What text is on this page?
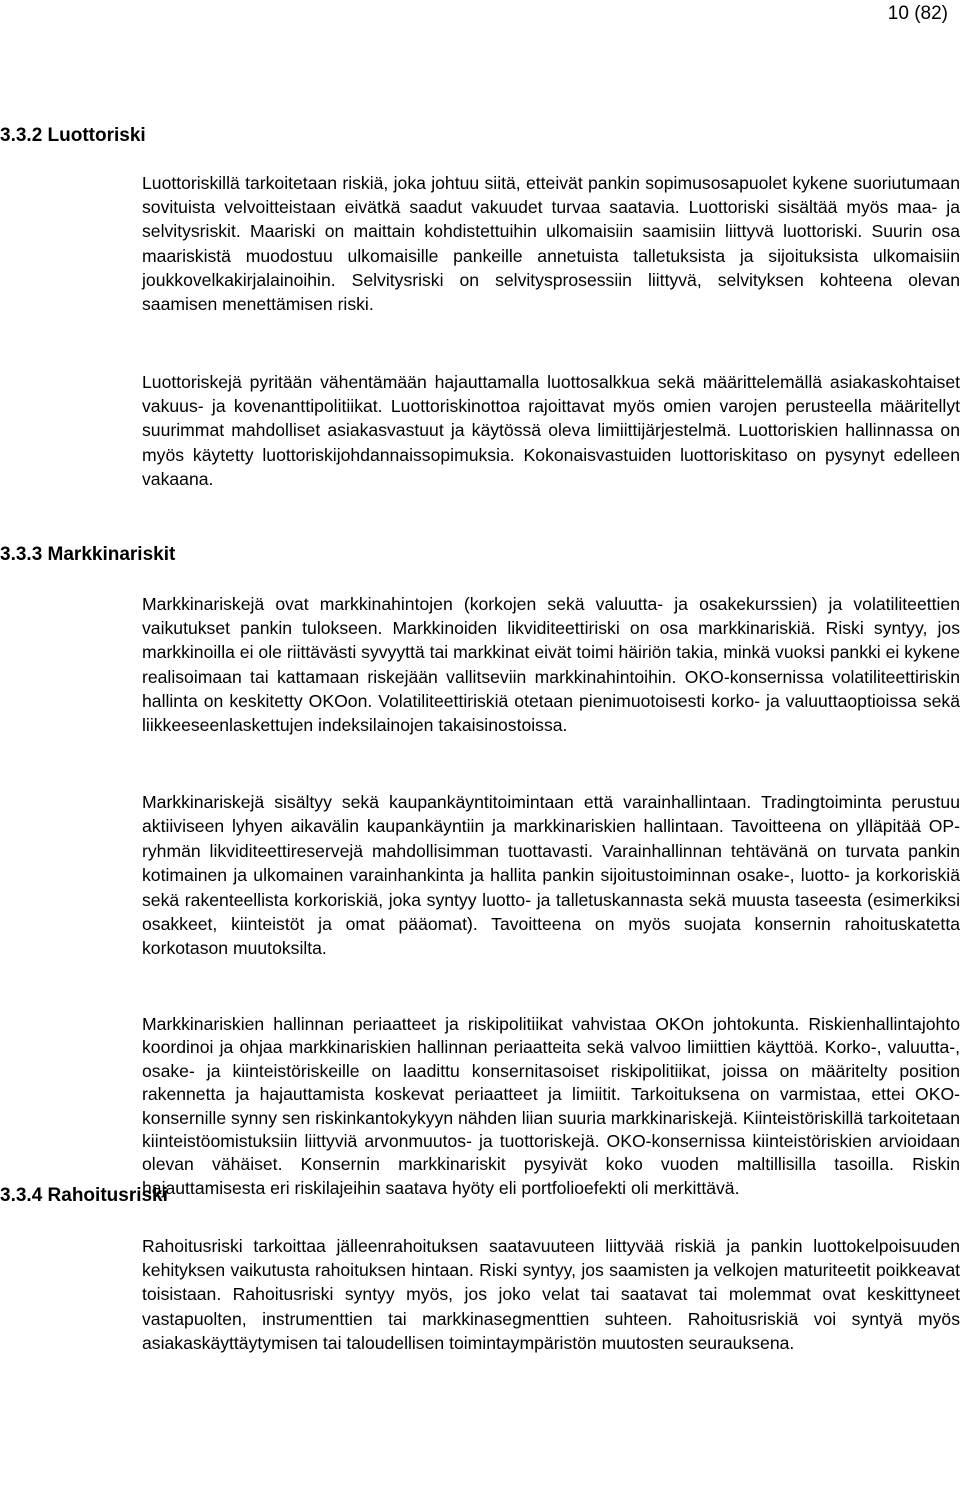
10 (82)
3.3.2 Luottoriski

Luottoriskillä tarkoitetaan riskiä, joka johtuu siitä, etteivät pankin sopimusosapuolet kykene suoriutumaan sovituista velvoitteistaan eivätkä saadut vakuudet turvaa saatavia. Luottoriski sisältää myös maa- ja selvitysriskit. Maariski on maittain kohdistettuihin ulkomaisiin saamisiin liittyvä luottoriski. Suurin osa maariskistä muodostuu ulkomaisille pankeille annetuista talletuksista ja sijoituksista ulkomaisiin joukkovelkakirjalainoihin. Selvitysriski on selvitysprosessiin liittyvä, selvityksen kohteena olevan saamisen menettämisen riski.

Luottoriskejä pyritään vähentämään hajauttamalla luottosalkkua sekä määrittelemällä asiakaskohtaiset vakuus- ja kovenanttipolitiikat. Luottoriskinottoa rajoittavat myös omien varojen perusteella määritellyt suurimmat mahdolliset asiakasvastuut ja käytössä oleva limiittijärjestelmä. Luottoriskien hallinnassa on myös käytetty luottoriskijohdannaissopimuksia. Kokonaisvastuiden luottoriskitaso on pysynyt edelleen vakaana.

3.3.3 Markkinariskit

Markkinariskejä ovat markkinahintojen (korkojen sekä valuutta- ja osakekurssien) ja volatiliteettien vaikutukset pankin tulokseen. Markkinoiden likviditeettiriski on osa markkinariskiä. Riski syntyy, jos markkinoilla ei ole riittävästi syvyyttä tai markkinat eivät toimi häiriön takia, minkä vuoksi pankki ei kykene realisoimaan tai kattamaan riskejään vallitseviin markkinahintoihin. OKO-konsernissa volatiliteettiriskin hallinta on keskitetty OKOon. Volatiliteettiriskiä otetaan pienimuotoisesti korko- ja valuuttaoptioissa sekä liikkeeseenlaskettujen indeksilainojen takaisinostoissa.

Markkinariskejä sisältyy sekä kaupankäyntitoimintaan että varainhallintaan. Tradingtoiminta perustuu aktiiviseen lyhyen aikavälin kaupankäyntiin ja markkinariskien hallintaan. Tavoitteena on ylläpitää OP-ryhmän likviditeettireservejä mahdollisimman tuottavasti. Varainhallinnan tehtävänä on turvata pankin kotimainen ja ulkomainen varainhankinta ja hallita pankin sijoitustoiminnan osake-, luotto- ja korkoriskiä sekä rakenteellista korkoriskiä, joka syntyy luotto- ja talletuskannasta sekä muusta taseesta (esimerkiksi osakkeet, kiinteistöt ja omat pääomat). Tavoitteena on myös suojata konsernin rahoituskatetta korkotason muutoksilta.

Markkinariskien hallinnan periaatteet ja riskipolitiikat vahvistaa OKOn johtokunta. Riskienhallintajohto koordinoi ja ohjaa markkinariskien hallinnan periaatteita sekä valvoo limiittien käyttöä. Korko-, valuutta-, osake- ja kiinteistöriskeille on laadittu konsernitasoiset riskipolitiikat, joissa on määritelty position rakennetta ja hajauttamista koskevat periaatteet ja limiitit. Tarkoituksena on varmistaa, ettei OKO-konsernille synny sen riskinkantokykyyn nähden liian suuria markkinariskejä. Kiinteistöriskillä tarkoitetaan kiinteistöomistuksiin liittyviä arvonmuutos- ja tuottoriskejä. OKO-konsernissa kiinteistöriskien arvioidaan olevan vähäiset. Konsernin markkinariskit pysyivät koko vuoden maltillisilla tasoilla. Riskin hajauttamisesta eri riskilajeihin saatava hyöty eli portfolioefekti oli merkittävä.

3.3.4 Rahoitusriski

Rahoitusriski tarkoittaa jälleenrahoituksen saatavuuteen liittyvää riskiä ja pankin luottokelpoisuuden kehityksen vaikutusta rahoituksen hintaan. Riski syntyy, jos saamisten ja velkojen maturiteetit poikkeavat toisistaan. Rahoitusriski syntyy myös, jos joko velat tai saatavat tai molemmat ovat keskittyneet vastapuolten, instrumenttien tai markkinasegmenttien suhteen. Rahoitusriskiä voi syntyä myös asiakaskäyttäytymisen tai taloudellisen toimintaympäristön muutosten seurauksena.
